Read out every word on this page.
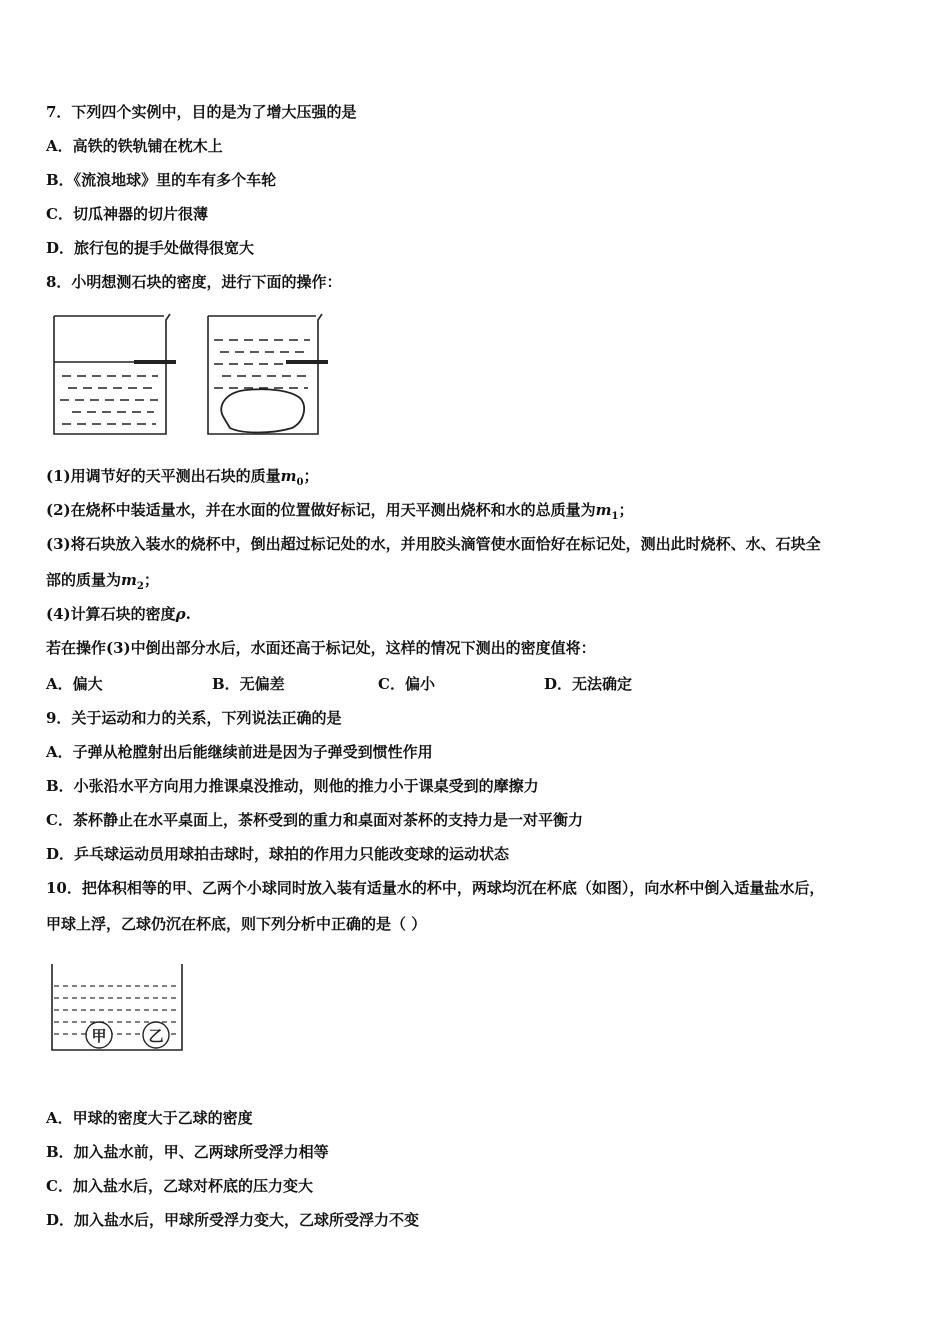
7．下列四个实例中，目的是为了增大压强的是
A．高铁的铁轨铺在枕木上
B．《流浪地球》里的车有多个车轮
C．切瓜神器的切片很薄
D．旅行包的提手处做得很宽大
8．小明想测石块的密度，进行下面的操作：
(1)用调节好的天平测出石块的质量$m_0$；
(2)在烧杯中装适量水，并在水面的位置做好标记，用天平测出烧杯和水的总质量为$m_1$；
(3)将石块放入装水的烧杯中，倒出超过标记处的水，并用胶头滴管使水面恰好在标记处，测出此时烧杯、水、石块全
部的质量为$m_2$；
(4)计算石块的密度ρ.
若在操作(3)中倒出部分水后，水面还高于标记处，这样的情况下测出的密度值将：
A．偏大	B．无偏差	C．偏小	D．无法确定
9．关于运动和力的关系，下列说法正确的是
A．子弹从枪膛射出后能继续前进是因为子弹受到惯性作用
B．小张沿水平方向用力推课桌没推动，则他的推力小于课桌受到的摩擦力
C．茶杯静止在水平桌面上，茶杯受到的重力和桌面对茶杯的支持力是一对平衡力
D．乒乓球运动员用球拍击球时，球拍的作用力只能改变球的运动状态
10．把体积相等的甲、乙两个小球同时放入装有适量水的杯中，两球均沉在杯底（如图），向水杯中倒入适量盐水后，
甲球上浮，乙球仍沉在杯底，则下列分析中正确的是（ ）
甲	乙
A．甲球的密度大于乙球的密度
B．加入盐水前，甲、乙两球所受浮力相等
C．加入盐水后，乙球对杯底的压力变大
D．加入盐水后，甲球所受浮力变大，乙球所受浮力不变
